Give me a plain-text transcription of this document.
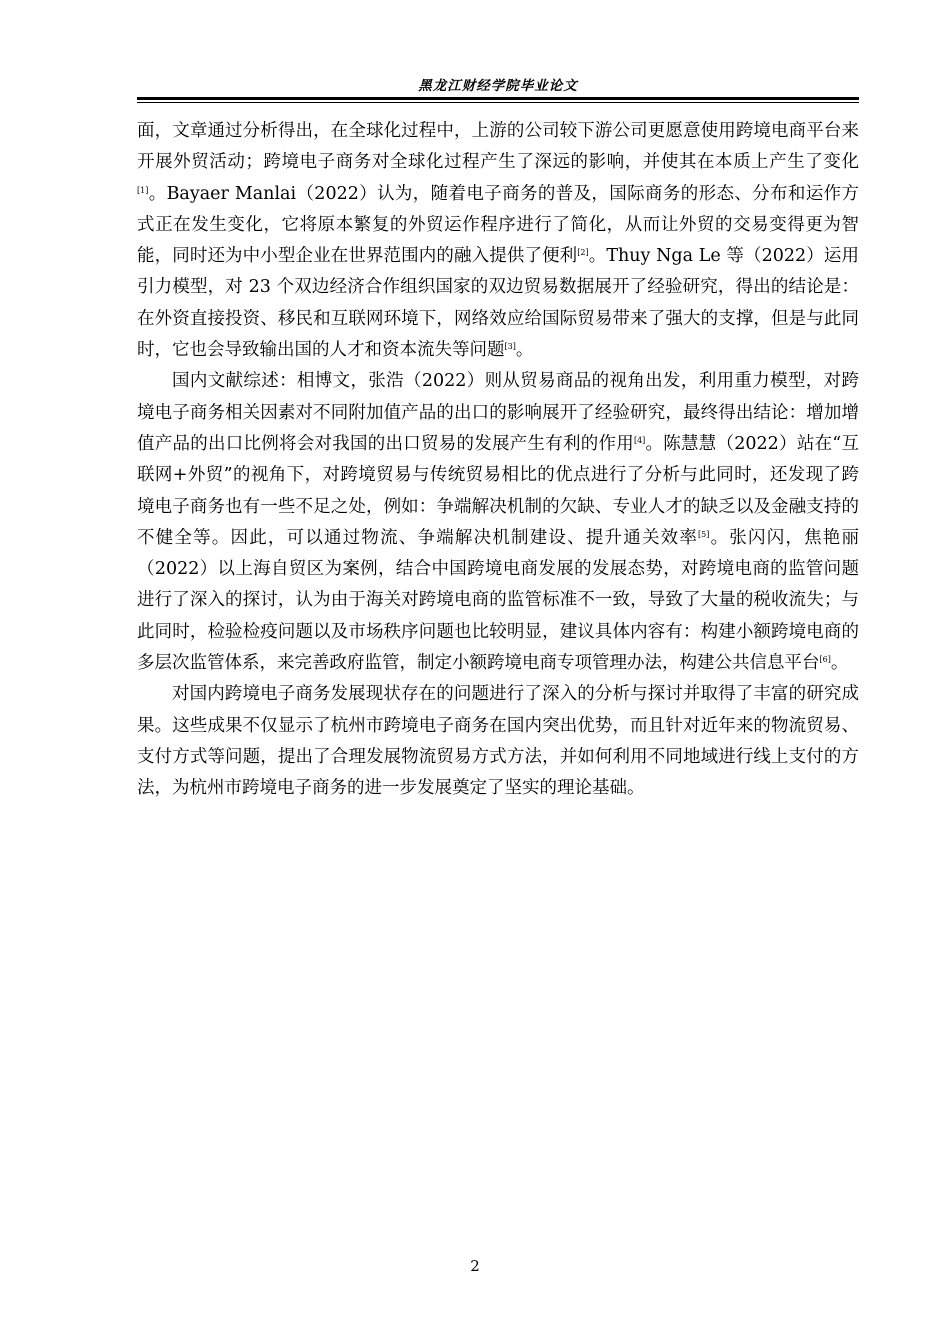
黑龙江财经学院毕业论文

面，文章通过分析得出，在全球化过程中，上游的公司较下游公司更愿意使用跨境电商平台来开展外贸活动；跨境电子商务对全球化过程产生了深远的影响，并使其在本质上产生了变化[1]。Bayaer Manlai（2022）认为，随着电子商务的普及，国际商务的形态、分布和运作方式正在发生变化，它将原本繁复的外贸运作程序进行了简化，从而让外贸的交易变得更为智能，同时还为中小型企业在世界范围内的融入提供了便利[2]。Thuy Nga Le 等（2022）运用引力模型，对 23 个双边经济合作组织国家的双边贸易数据展开了经验研究，得出的结论是：在外资直接投资、移民和互联网环境下，网络效应给国际贸易带来了强大的支撑，但是与此同时，它也会导致输出国的人才和资本流失等问题[3]。

国内文献综述：相博文，张浩（2022）则从贸易商品的视角出发，利用重力模型，对跨境电子商务相关因素对不同附加值产品的出口的影响展开了经验研究，最终得出结论：增加增值产品的出口比例将会对我国的出口贸易的发展产生有利的作用[4]。陈慧慧（2022）站在“互联网+外贸”的视角下，对跨境贸易与传统贸易相比的优点进行了分析与此同时，还发现了跨境电子商务也有一些不足之处，例如：争端解决机制的欠缺、专业人才的缺乏以及金融支持的不健全等。因此，可以通过物流、争端解决机制建设、提升通关效率[5]。张闪闪，焦艳丽（2022）以上海自贸区为案例，结合中国跨境电商发展的发展态势，对跨境电商的监管问题进行了深入的探讨，认为由于海关对跨境电商的监管标准不一致，导致了大量的税收流失；与此同时，检验检疫问题以及市场秩序问题也比较明显，建议具体内容有：构建小额跨境电商的多层次监管体系，来完善政府监管，制定小额跨境电商专项管理办法，构建公共信息平台[6]。

对国内跨境电子商务发展现状存在的问题进行了深入的分析与探讨并取得了丰富的研究成果。这些成果不仅显示了杭州市跨境电子商务在国内突出优势，而且针对近年来的物流贸易、支付方式等问题，提出了合理发展物流贸易方式方法，并如何利用不同地域进行线上支付的方法，为杭州市跨境电子商务的进一步发展奠定了坚实的理论基础。

2
